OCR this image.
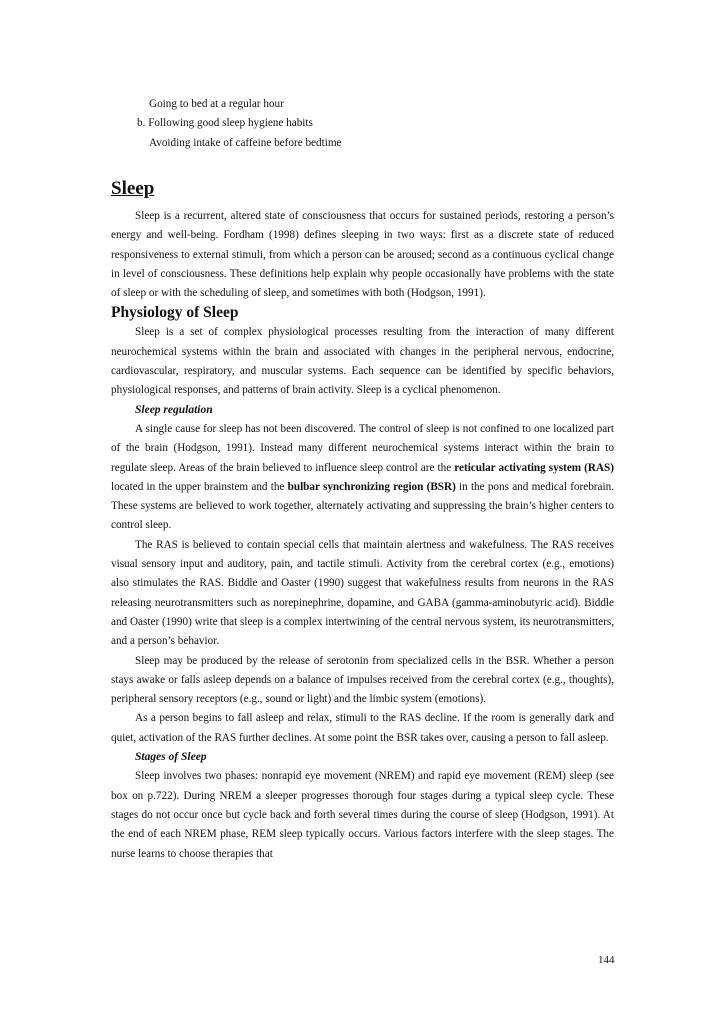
Going to bed at a regular hour
b. Following good sleep hygiene habits
Avoiding intake of caffeine before bedtime
Sleep

Sleep is a recurrent, altered state of consciousness that occurs for sustained periods, restoring a person’s energy and well-being. Fordham (1998) defines sleeping in two ways: first as a discrete state of reduced responsiveness to external stimuli, from which a person can be aroused; second as a continuous cyclical change in level of consciousness. These definitions help explain why people occasionally have problems with the state of sleep or with the scheduling of sleep, and sometimes with both (Hodgson, 1991).

Physiology of Sleep

Sleep is a set of complex physiological processes resulting from the interaction of many different neurochemical systems within the brain and associated with changes in the peripheral nervous, endocrine, cardiovascular, respiratory, and muscular systems. Each sequence can be identified by specific behaviors, physiological responses, and patterns of brain activity. Sleep is a cyclical phenomenon.

Sleep regulation

A single cause for sleep has not been discovered. The control of sleep is not confined to one localized part of the brain (Hodgson, 1991). Instead many different neurochemical systems interact within the brain to regulate sleep. Areas of the brain believed to influence sleep control are the reticular activating system (RAS) located in the upper brainstem and the bulbar synchronizing region (BSR) in the pons and medical forebrain. These systems are believed to work together, alternately activating and suppressing the brain’s higher centers to control sleep.

The RAS is believed to contain special cells that maintain alertness and wakefulness. The RAS receives visual sensory input and auditory, pain, and tactile stimuli. Activity from the cerebral cortex (e.g., emotions) also stimulates the RAS. Biddle and Oaster (1990) suggest that wakefulness results from neurons in the RAS releasing neurotransmitters such as norepinephrine, dopamine, and GABA (gamma-aminobutyric acid). Biddle and Oaster (1990) write that sleep is a complex intertwining of the central nervous system, its neurotransmitters, and a person’s behavior.

Sleep may be produced by the release of serotonin from specialized cells in the BSR. Whether a person stays awake or falls asleep depends on a balance of impulses received from the cerebral cortex (e.g., thoughts), peripheral sensory receptors (e.g., sound or light) and the limbic system (emotions).

As a person begins to fall asleep and relax, stimuli to the RAS decline. If the room is generally dark and quiet, activation of the RAS further declines. At some point the BSR takes over, causing a person to fall asleep.

Stages of Sleep

Sleep involves two phases: nonrapid eye movement (NREM) and rapid eye movement (REM) sleep (see box on p.722). During NREM a sleeper progresses thorough four stages during a typical sleep cycle. These stages do not occur once but cycle back and forth several times during the course of sleep (Hodgson, 1991). At the end of each NREM phase, REM sleep typically occurs. Various factors interfere with the sleep stages. The nurse learns to choose therapies that

144
